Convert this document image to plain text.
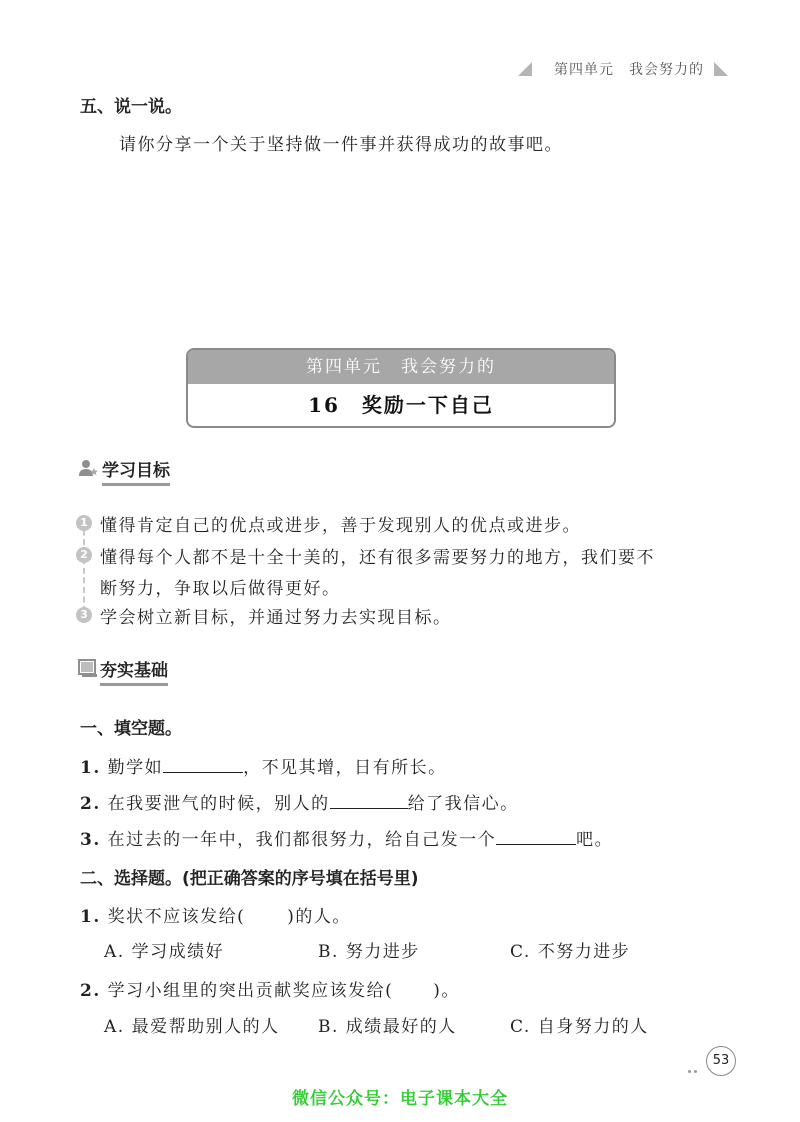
第四单元　我会努力的
五、说一说。
请你分享一个关于坚持做一件事并获得成功的故事吧。
第四单元　我会努力的
16　奖励一下自己
学习目标
1 懂得肯定自己的优点或进步，善于发现别人的优点或进步。
2 懂得每个人都不是十全十美的，还有很多需要努力的地方，我们要不
断努力，争取以后做得更好。
3 学会树立新目标，并通过努力去实现目标。
夯实基础
一、填空题。
1. 勤学如	，不见其增，日有所长。
2. 在我要泄气的时候，别人的	给了我信心。
3. 在过去的一年中，我们都很努力，给自己发一个	吧。
二、选择题。(把正确答案的序号填在括号里)
1. 奖状不应该发给( )的人。
A. 学习成绩好	B. 努力进步	C. 不努力进步
2. 学习小组里的突出贡献奖应该发给( )。
A. 最爱帮助别人的人 B. 成绩最好的人	C. 自身努力的人
53
微信公众号：电子课本大全
